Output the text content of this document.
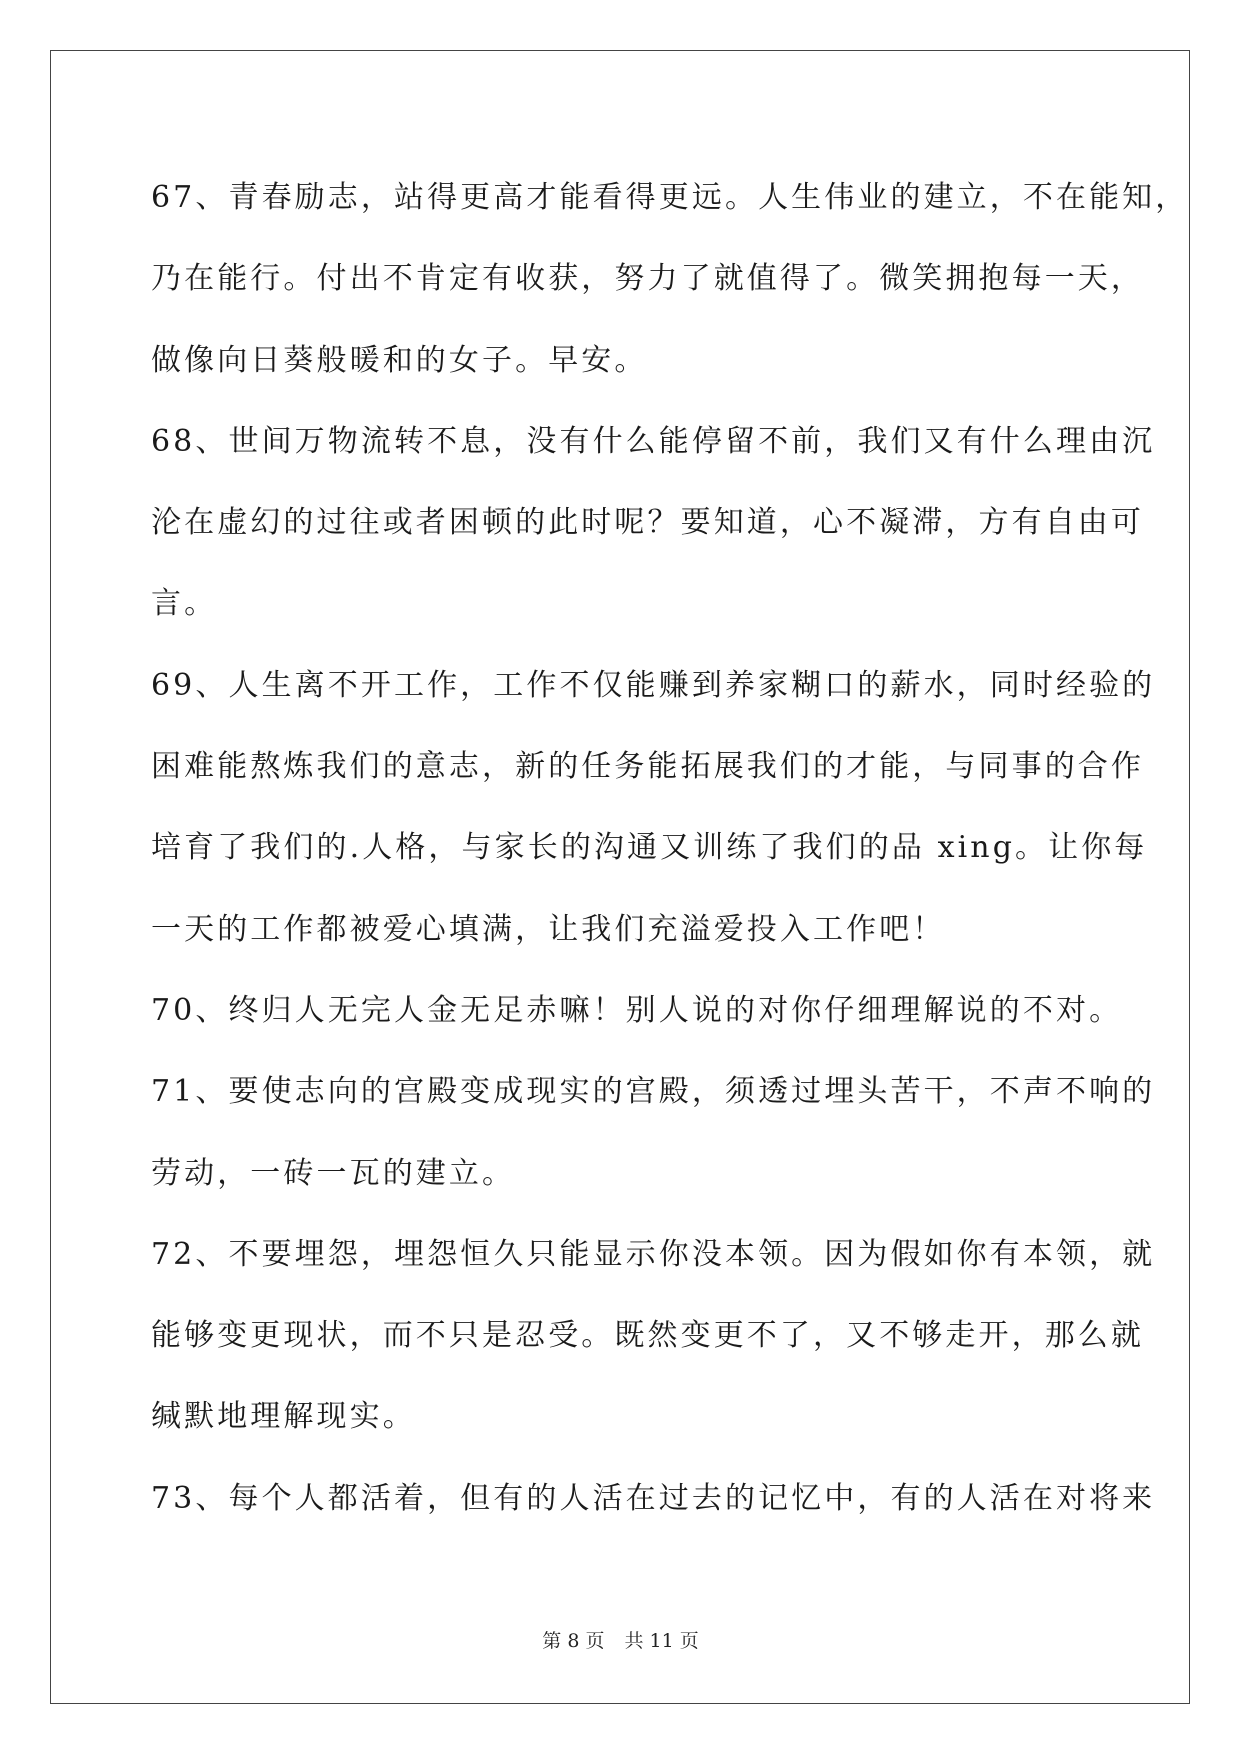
67、青春励志，站得更高才能看得更远。人生伟业的建立，不在能知，

乃在能行。付出不肯定有收获，努力了就值得了。微笑拥抱每一天，

做像向日葵般暖和的女子。早安。

68、世间万物流转不息，没有什么能停留不前，我们又有什么理由沉

沦在虚幻的过往或者困顿的此时呢？要知道，心不凝滞，方有自由可

言。

69、人生离不开工作，工作不仅能赚到养家糊口的薪水，同时经验的

困难能熬炼我们的意志，新的任务能拓展我们的才能，与同事的合作

培育了我们的.人格，与家长的沟通又训练了我们的品 xing。让你每

一天的工作都被爱心填满，让我们充溢爱投入工作吧！

70、终归人无完人金无足赤嘛！别人说的对你仔细理解说的不对。

71、要使志向的宫殿变成现实的宫殿，须透过埋头苦干，不声不响的

劳动，一砖一瓦的建立。

72、不要埋怨，埋怨恒久只能显示你没本领。因为假如你有本领，就

能够变更现状，而不只是忍受。既然变更不了，又不够走开，那么就

缄默地理解现实。

73、每个人都活着，但有的人活在过去的记忆中，有的人活在对将来

第 8 页 共 11 页
